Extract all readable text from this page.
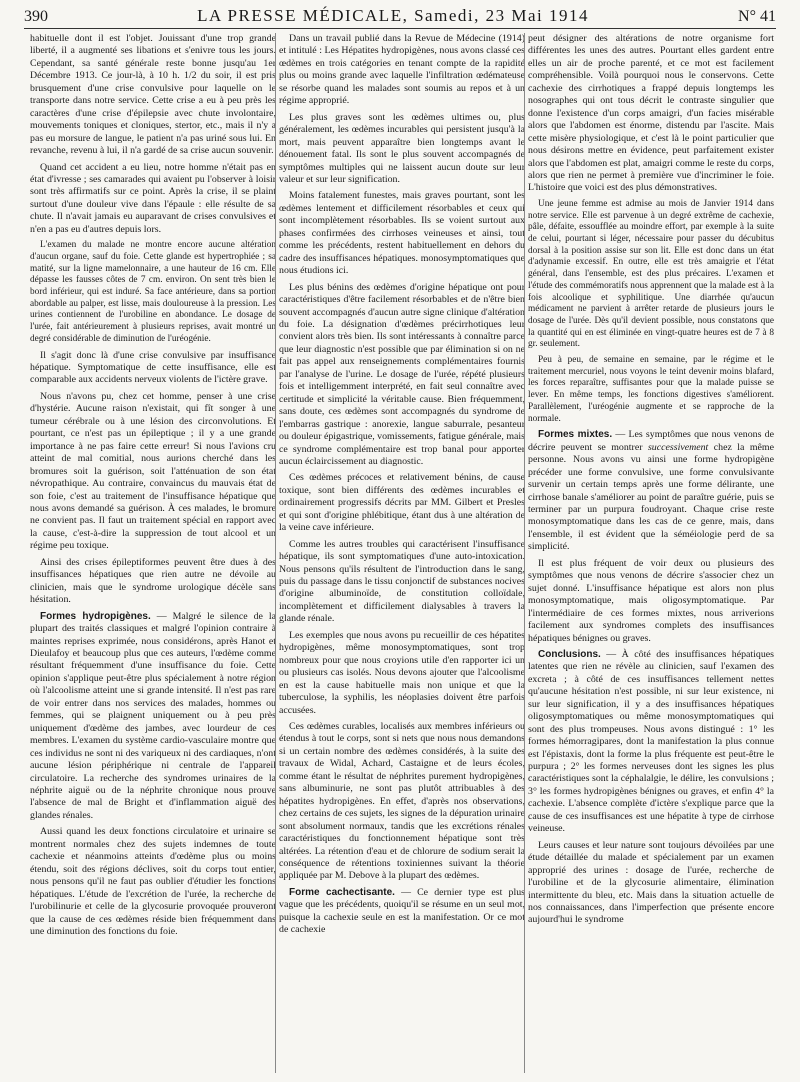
390	LA PRESSE MÉDICALE, Samedi, 23 Mai 1914	N° 41

habituelle dont il est l'objet. Jouissant d'une trop grande liberté, il a augmenté ses libations et s'enivre tous les jours. Cependant, sa santé générale reste bonne jusqu'au 1er Décembre 1913. Ce jour-là, à 10 h. 1/2 du soir, il est pris brusquement d'une crise convulsive pour laquelle on le transporte dans notre service. Cette crise a eu à peu près les caractères d'une crise d'épilepsie avec chute involontaire, mouvements toniques et cloniques, stertor, etc., mais il n'y a pas eu morsure de langue, le patient n'a pas uriné sous lui. En revanche, revenu à lui, il n'a gardé de sa crise aucun souvenir.

Quand cet accident a eu lieu, notre homme n'était pas en état d'ivresse ; ses camarades qui avaient pu l'observer à loisir sont très affirmatifs sur ce point. Après la crise, il se plaint surtout d'une douleur vive dans l'épaule : elle résulte de sa chute. Il n'avait jamais eu auparavant de crises convulsives et n'en a pas eu d'autres depuis lors.

L'examen du malade ne montre encore aucune altération d'aucun organe, sauf du foie. Cette glande est hypertrophiée ; sa matité, sur la ligne mamelonnaire, a une hauteur de 16 cm. Elle dépasse les fausses côtes de 7 cm. environ. On sent très bien le bord inférieur, qui est induré. Sa face antérieure, dans sa portion abordable au palper, est lisse, mais douloureuse à la pression. Les urines contiennent de l'urobiline en abondance. Le dosage de l'urée, fait antérieurement à plusieurs reprises, avait montré un degré considérable de diminution de l'uréogénie.

Il s'agit donc là d'une crise convulsive par insuffisance hépatique. Symptomatique de cette insuffisance, elle est comparable aux accidents nerveux violents de l'ictère grave.

Nous n'avons pu, chez cet homme, penser à une crise d'hystérie. Aucune raison n'existait, qui fît songer à une tumeur cérébrale ou à une lésion des circonvolutions. Et pourtant, ce n'est pas un épileptique ; il y a une grande importance à ne pas faire cette erreur! Si nous l'avions cru atteint de mal comitial, nous aurions cherché dans les bromures soit la guérison, soit l'atténuation de son état névropathique. Au contraire, convaincus du mauvais état de son foie, c'est au traitement de l'insuffisance hépatique que nous avons demandé sa guérison. À ces malades, le bromure ne convient pas. Il faut un traitement spécial en rapport avec la cause, c'est-à-dire la suppression de tout alcool et un régime peu toxique.

Ainsi des crises épileptiformes peuvent être dues à des insuffisances hépatiques que rien autre ne dévoile au clinicien, mais que le syndrome urologique décèle sans hésitation.

Formes hydropigènes. — Malgré le silence de la plupart des traités classiques et malgré l'opinion contraire à maintes reprises exprimée, nous considérons, après Hanot et Dieulafoy et beaucoup plus que ces auteurs, l'œdème comme résultant fréquemment d'une insuffisance du foie. Cette opinion s'applique peut-être plus spécialement à notre région où l'alcoolisme atteint une si grande intensité. Il n'est pas rare de voir entrer dans nos services des malades, hommes ou femmes, qui se plaignent uniquement ou à peu près uniquement d'œdème des jambes, avec lourdeur de ces membres. L'examen du système cardio-vasculaire montre que ces individus ne sont ni des variqueux ni des cardiaques, n'ont aucune lésion périphérique ni centrale de l'appareil circulatoire. La recherche des syndromes urinaires de la néphrite aiguë ou de la néphrite chronique nous prouve l'absence de mal de Bright et d'inflammation aiguë des glandes rénales.

Aussi quand les deux fonctions circulatoire et urinaire se montrent normales chez des sujets indemnes de toute cachexie et néanmoins atteints d'œdème plus ou moins étendu, soit des régions déclives, soit du corps tout entier, nous pensons qu'il ne faut pas oublier d'étudier les fonctions hépatiques. L'étude de l'excrétion de l'urée, la recherche de l'urobilinurie et celle de la glycosurie provoquée prouveront que la cause de ces œdèmes réside bien fréquemment dans une diminution des fonctions du foie.

Dans un travail publié dans la Revue de Médecine (1914) et intitulé : Les Hépatites hydropigènes, nous avons classé ces œdèmes en trois catégories en tenant compte de la rapidité plus ou moins grande avec laquelle l'infiltration œdémateuse se résorbe quand les malades sont soumis au repos et à un régime approprié.

Les plus graves sont les œdèmes ultimes ou, plus généralement, les œdèmes incurables qui persistent jusqu'à la mort, mais peuvent apparaître bien longtemps avant le dénouement fatal. Ils sont le plus souvent accompagnés de symptômes multiples qui ne laissent aucun doute sur leur valeur et sur leur signification.

Moins fatalement funestes, mais graves pourtant, sont les œdèmes lentement et difficilement résorbables et ceux qui sont incomplètement résorbables. Ils se voient surtout aux phases confirmées des cirrhoses veineuses et ainsi, tout comme les précédents, restent habituellement en dehors du cadre des insuffisances hépatiques. monosymptomatiques que nous étudions ici.

Les plus bénins des œdèmes d'origine hépatique ont pour caractéristiques d'être facilement résorbables et de n'être bien souvent accompagnés d'aucun autre signe clinique d'altération du foie. La désignation d'œdèmes précirrhotiques leur convient alors très bien. Ils sont intéressants à connaître parce que leur diagnostic n'est possible que par élimination si on ne fait pas appel aux renseignements complémentaires fournis par l'analyse de l'urine. Le dosage de l'urée, répété plusieurs fois et intelligemment interprété, en fait seul connaître avec certitude et simplicité la véritable cause. Bien fréquemment, sans doute, ces œdèmes sont accompagnés du syndrome de l'embarras gastrique : anorexie, langue saburrale, pesanteur ou douleur épigastrique, vomissements, fatigue générale, mais ce syndrome complémentaire est trop banal pour apporter aucun éclaircissement au diagnostic.

Ces œdèmes précoces et relativement bénins, de cause toxique, sont bien différents des œdèmes incurables et ordinairement progressifs décrits par MM. Gilbert et Presles et qui sont d'origine phlébitique, étant dus à une altération de la veine cave inférieure.

Comme les autres troubles qui caractérisent l'insuffisance hépatique, ils sont symptomatiques d'une auto-intoxication. Nous pensons qu'ils résultent de l'introduction dans le sang, puis du passage dans le tissu conjonctif de substances nocives d'origine albuminoïde, de constitution colloïdale, incomplètement et difficilement dialysables à travers la glande rénale.

Les exemples que nous avons pu recueillir de ces hépatites hydropigènes, même monosymptomatiques, sont trop nombreux pour que nous croyions utile d'en rapporter ici un ou plusieurs cas isolés. Nous devons ajouter que l'alcoolisme en est la cause habituelle mais non unique et que la tuberculose, la syphilis, les néoplasies doivent être parfois accusées.

Ces œdèmes curables, localisés aux membres inférieurs ou étendus à tout le corps, sont si nets que nous nous demandons si un certain nombre des œdèmes considérés, à la suite des travaux de Widal, Achard, Castaigne et de leurs écoles, comme étant le résultat de néphrites purement hydropigènes, sans albuminurie, ne sont pas plutôt attribuables à des hépatites hydropigènes. En effet, d'après nos observations, chez certains de ces sujets, les signes de la dépuration urinaire sont absolument normaux, tandis que les excrétions rénales caractéristiques du fonctionnement hépatique sont très altérées. La rétention d'eau et de chlorure de sodium serait la conséquence de rétentions toxiniennes suivant la théorie appliquée par M. Debove à la plupart des œdèmes.

Forme cachectisante. — Ce dernier type est plus vague que les précédents, quoiqu'il se résume en un seul mot, puisque la cachexie seule en est la manifestation. Or ce mot de cachexie

peut désigner des altérations de notre organisme fort différentes les unes des autres. Pourtant elles gardent entre elles un air de proche parenté, et ce mot est facilement compréhensible. Voilà pourquoi nous le conservons. Cette cachexie des cirrhotiques a frappé depuis longtemps les nosographes qui ont tous décrit le contraste singulier que donne l'existence d'un corps amaigri, d'un facies misérable alors que l'abdomen est énorme, distendu par l'ascite. Mais cette misère physiologique, et c'est là le point particulier que nous désirons mettre en évidence, peut parfaitement exister alors que l'abdomen est plat, amaigri comme le reste du corps, alors que rien ne permet à première vue d'incriminer le foie. L'histoire que voici est des plus démonstratives.

Une jeune femme est admise au mois de Janvier 1914 dans notre service. Elle est parvenue à un degré extrême de cachexie, pâle, défaite, essoufflée au moindre effort, par exemple à la suite de celui, pourtant si léger, nécessaire pour passer du décubitus dorsal à la position assise sur son lit. Elle est donc dans un état d'adynamie excessif. En outre, elle est très amaigrie et l'état général, dans l'ensemble, est des plus précaires. L'examen et l'étude des commémoratifs nous apprennent que la malade est à la fois alcoolique et syphilitique. Une diarrhée qu'aucun médicament ne parvient à arrêter retarde de plusieurs jours le dosage de l'urée. Dès qu'il devient possible, nous constatons que la quantité qui en est éliminée en vingt-quatre heures est de 7 à 8 gr. seulement.

Peu à peu, de semaine en semaine, par le régime et le traitement mercuriel, nous voyons le teint devenir moins blafard, les forces reparaître, suffisantes pour que la malade puisse se lever. En même temps, les fonctions digestives s'améliorent. Parallèlement, l'uréogénie augmente et se rapproche de la normale.

Formes mixtes. — Les symptômes que nous venons de décrire peuvent se montrer successivement chez la même personne. Nous avons vu ainsi une forme hydropigène précéder une forme convulsive, une forme convulsivante survenir un certain temps après une forme délirante, une cirrhose banale s'améliorer au point de paraître guérie, puis se terminer par un purpura foudroyant. Chaque crise reste monosymptomatique dans les cas de ce genre, mais, dans l'ensemble, il est évident que la séméiologie perd de sa simplicité.

Il est plus fréquent de voir deux ou plusieurs des symptômes que nous venons de décrire s'associer chez un sujet donné. L'insuffisance hépatique est alors non plus monosymptomatique, mais oligosymptomatique. Par l'intermédiaire de ces formes mixtes, nous arriverions facilement aux syndromes complets des insuffisances hépatiques bénignes ou graves.

Conclusions. — À côté des insuffisances hépatiques latentes que rien ne révèle au clinicien, sauf l'examen des excreta ; à côté de ces insuffisances tellement nettes qu'aucune hésitation n'est possible, ni sur leur existence, ni sur leur signification, il y a des insuffisances hépatiques oligosymptomatiques ou même monosymptomatiques qui sont des plus trompeuses. Nous avons distingué : 1° les formes hémorragipares, dont la manifestation la plus connue est l'épistaxis, dont la forme la plus fréquente est peut-être le purpura ; 2° les formes nerveuses dont les signes les plus caractéristiques sont la céphalalgie, le délire, les convulsions ; 3° les formes hydropigènes bénignes ou graves, et enfin 4° la cachexie. L'absence complète d'ictère s'explique parce que la cause de ces insuffisances est une hépatite à type de cirrhose veineuse.

Leurs causes et leur nature sont toujours dévoilées par une étude détaillée du malade et spécialement par un examen approprié des urines : dosage de l'urée, recherche de l'urobiline et de la glycosurie alimentaire, élimination intermittente du bleu, etc. Mais dans la situation actuelle de nos connaissances, dans l'imperfection que présente encore aujourd'hui le syndrome
